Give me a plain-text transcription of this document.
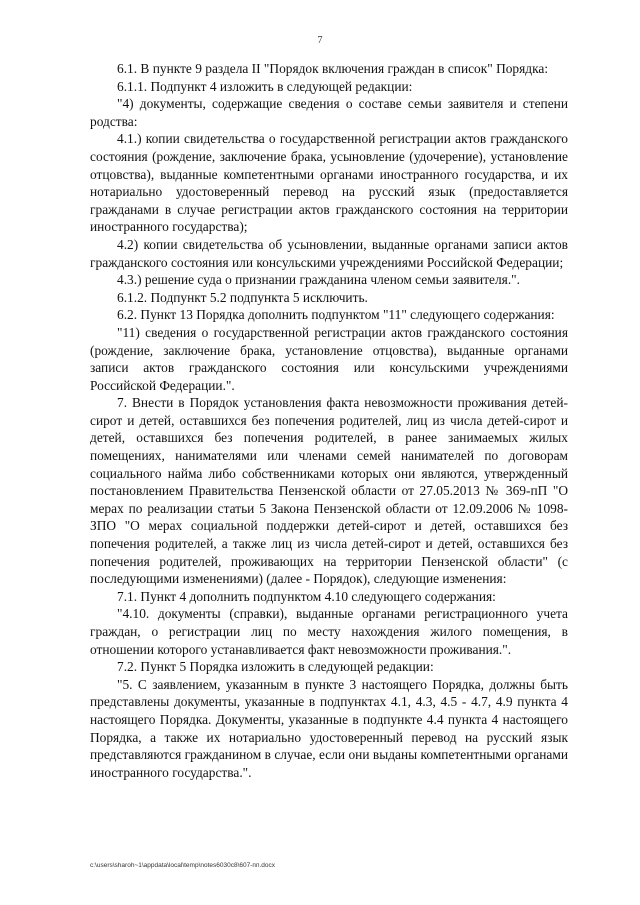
7

6.1. В пункте 9 раздела II "Порядок включения граждан в список" Порядка:

6.1.1. Подпункт 4 изложить в следующей редакции:

"4) документы, содержащие сведения о составе семьи заявителя и степени родства:

4.1.) копии свидетельства о государственной регистрации актов гражданского состояния (рождение, заключение брака, усыновление (удочерение), установление отцовства), выданные компетентными органами иностранного государства, и их нотариально удостоверенный перевод на русский язык (предоставляется гражданами в случае регистрации актов гражданского состояния на территории иностранного государства);

4.2) копии свидетельства об усыновлении, выданные органами записи актов гражданского состояния или консульскими учреждениями Российской Федерации;

4.3.) решение суда о признании гражданина членом семьи заявителя.".

6.1.2. Подпункт 5.2 подпункта 5 исключить.

6.2. Пункт 13 Порядка дополнить подпунктом "11" следующего содержания:

"11) сведения о государственной регистрации актов гражданского состояния (рождение, заключение брака, установление отцовства), выданные органами записи актов гражданского состояния или консульскими учреждениями Российской Федерации.".

7. Внести в Порядок установления факта невозможности проживания детей-сирот и детей, оставшихся без попечения родителей, лиц из числа детей-сирот и детей, оставшихся без попечения родителей, в ранее занимаемых жилых помещениях, нанимателями или членами семей нанимателей по договорам социального найма либо собственниками которых они являются, утвержденный постановлением Правительства Пензенской области от 27.05.2013 № 369-пП "О мерах по реализации статьи 5 Закона Пензенской области от 12.09.2006 № 1098-ЗПО "О мерах социальной поддержки детей-сирот и детей, оставшихся без попечения родителей, а также лиц из числа детей-сирот и детей, оставшихся без попечения родителей, проживающих на территории Пензенской области" (с последующими изменениями) (далее - Порядок), следующие изменения:

7.1. Пункт 4 дополнить подпунктом 4.10 следующего содержания:

"4.10. документы (справки), выданные органами регистрационного учета граждан, о регистрации лиц по месту нахождения жилого помещения, в отношении которого устанавливается факт невозможности проживания.".

7.2. Пункт 5 Порядка изложить в следующей редакции:

"5. С заявлением, указанным в пункте 3 настоящего Порядка, должны быть представлены документы, указанные в подпунктах 4.1, 4.3, 4.5 - 4.7, 4.9 пункта 4 настоящего Порядка. Документы, указанные в подпункте 4.4 пункта 4 настоящего Порядка, а также их нотариально удостоверенный перевод на русский язык представляются гражданином в случае, если они выданы компетентными органами иностранного государства.".

c:\users\sharoh~1\appdata\local\temp\notes6030c8\607-пп.docx
